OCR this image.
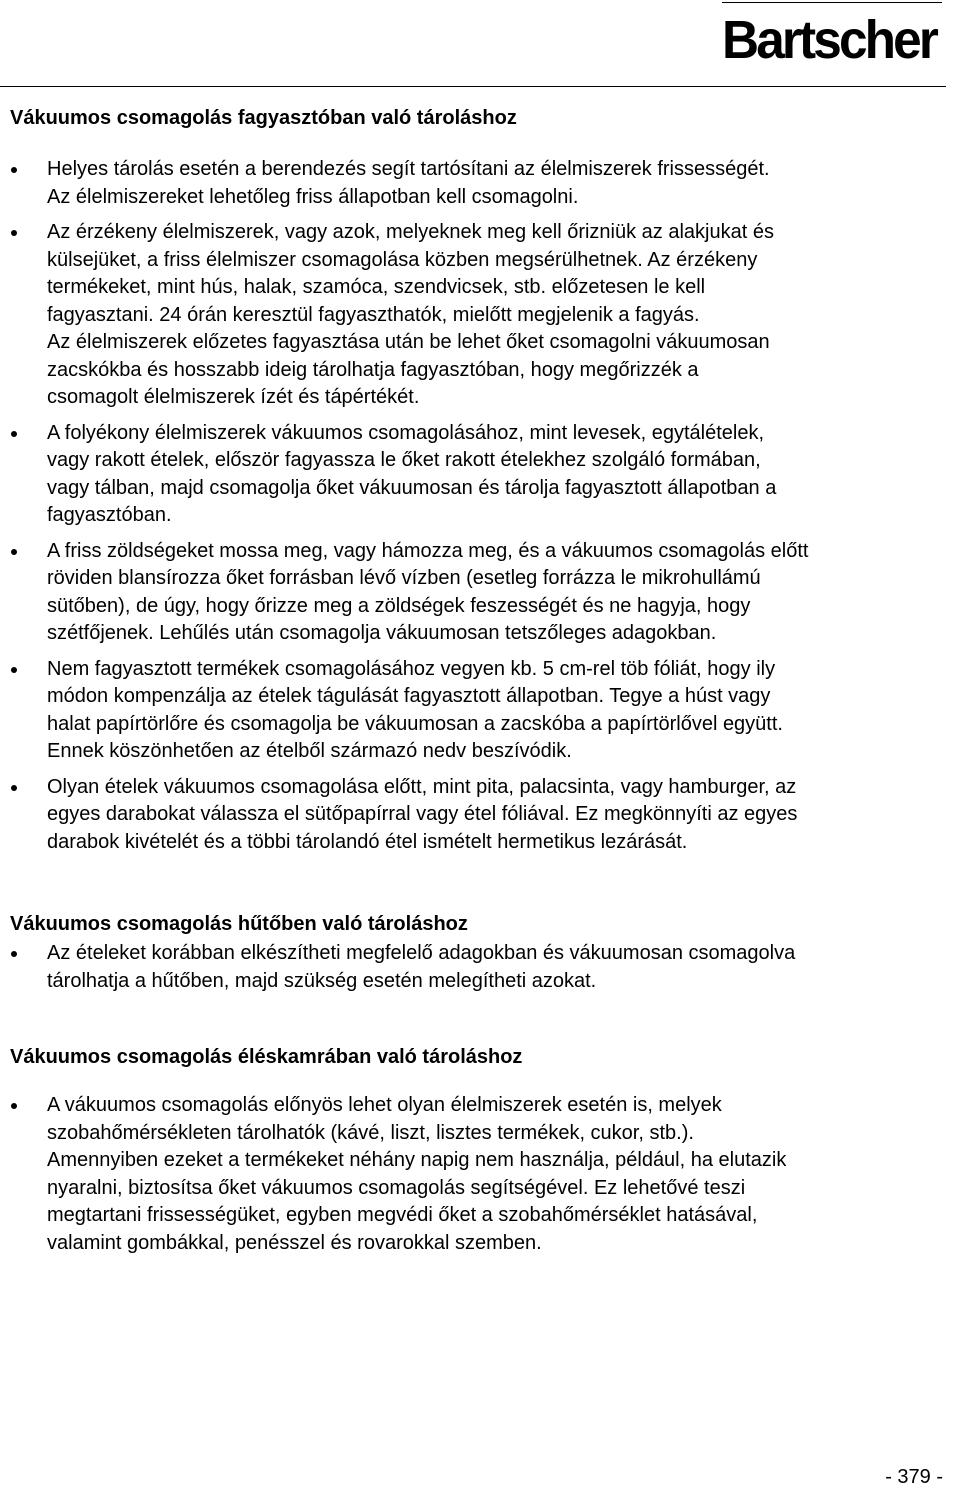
Bartscher
Vákuumos csomagolás fagyasztóban való tároláshoz
Helyes tárolás esetén a berendezés segít tartósítani az élelmiszerek frissességét.
Az élelmiszereket lehetőleg friss állapotban kell csomagolni.
Az érzékeny élelmiszerek, vagy azok, melyeknek meg kell őrizniük az alakjukat és
külsejüket, a friss élelmiszer csomagolása közben megsérülhetnek. Az érzékeny
termékeket, mint hús, halak, szamóca, szendvicsek, stb. előzetesen le kell
fagyasztani. 24 órán keresztül fagyaszthatók, mielőtt megjelenik a fagyás.
Az élelmiszerek előzetes fagyasztása után be lehet őket csomagolni vákuumosan
zacskókba és hosszabb ideig tárolhatja fagyasztóban, hogy megőrizzék a
csomagolt élelmiszerek ízét és tápértékét.
A folyékony élelmiszerek vákuumos csomagolásához, mint levesek, egytálételek,
vagy rakott ételek, először fagyassza le őket rakott ételekhez szolgáló formában,
vagy tálban, majd csomagolja őket vákuumosan és tárolja fagyasztott állapotban a
fagyasztóban.
A friss zöldségeket mossa meg, vagy hámozza meg, és a vákuumos csomagolás előtt
röviden blansírozza őket forrásban lévő vízben (esetleg forrázza le mikrohullámú
sütőben), de úgy, hogy őrizze meg a zöldségek feszességét és ne hagyja, hogy
szétfőjenek. Lehűlés után csomagolja vákuumosan tetszőleges adagokban.
Nem fagyasztott termékek csomagolásához vegyen kb. 5 cm-rel töb fóliát, hogy ily
módon kompenzálja az ételek tágulását fagyasztott állapotban. Tegye a húst vagy
halat papírtörlőre és csomagolja be vákuumosan a zacskóba a papírtörlővel együtt.
Ennek köszönhetően az ételből származó nedv beszívódik.
Olyan ételek vákuumos csomagolása előtt, mint pita, palacsinta, vagy hamburger, az
egyes darabokat válassza el sütőpapírral vagy étel fóliával. Ez megkönnyíti az egyes
darabok kivételét és a többi tárolandó étel ismételt hermetikus lezárását.
Vákuumos csomagolás hűtőben való tároláshoz
Az ételeket korábban elkészítheti megfelelő adagokban és vákuumosan csomagolva
tárolhatja a hűtőben, majd szükség esetén melegítheti azokat.
Vákuumos csomagolás éléskamrában való tároláshoz
A vákuumos csomagolás előnyös lehet olyan élelmiszerek esetén is, melyek
szobahőmérsékleten tárolhatók (kávé, liszt, lisztes termékek, cukor, stb.).
Amennyiben ezeket a termékeket néhány napig nem használja, például, ha elutazik
nyaralni, biztosítsa őket vákuumos csomagolás segítségével. Ez lehetővé teszi
megtartani frissességüket, egyben megvédi őket a szobahőmérséklet hatásával,
valamint gombákkal, penésszel és rovarokkal szemben.
- 379 -
